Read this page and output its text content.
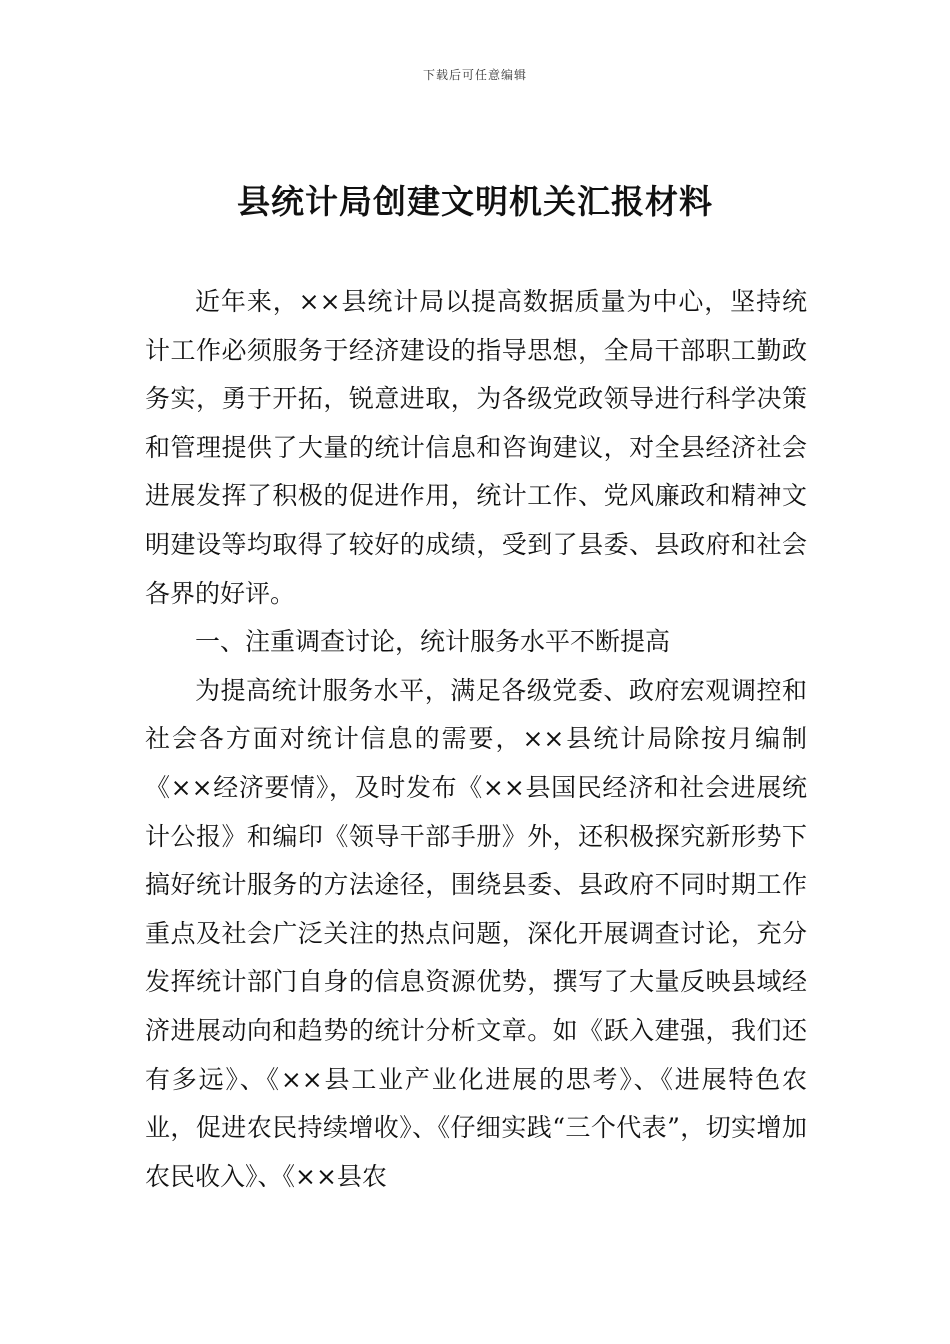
下载后可任意编辑
县统计局创建文明机关汇报材料

近年来，××县统计局以提高数据质量为中心，坚持统计工作必须服务于经济建设的指导思想，全局干部职工勤政务实，勇于开拓，锐意进取，为各级党政领导进行科学决策和管理提供了大量的统计信息和咨询建议，对全县经济社会进展发挥了积极的促进作用，统计工作、党风廉政和精神文明建设等均取得了较好的成绩，受到了县委、县政府和社会各界的好评。

一、注重调查讨论，统计服务水平不断提高

为提高统计服务水平，满足各级党委、政府宏观调控和社会各方面对统计信息的需要，××县统计局除按月编制《××经济要情》，及时发布《××县国民经济和社会进展统计公报》和编印《领导干部手册》外，还积极探究新形势下搞好统计服务的方法途径，围绕县委、县政府不同时期工作重点及社会广泛关注的热点问题，深化开展调查讨论，充分发挥统计部门自身的信息资源优势，撰写了大量反映县域经济进展动向和趋势的统计分析文章。如《跃入建强，我们还有多远》、《××县工业产业化进展的思考》、《进展特色农业，促进农民持续增收》、《仔细实践“三个代表”，切实增加农民收入》、《××县农
